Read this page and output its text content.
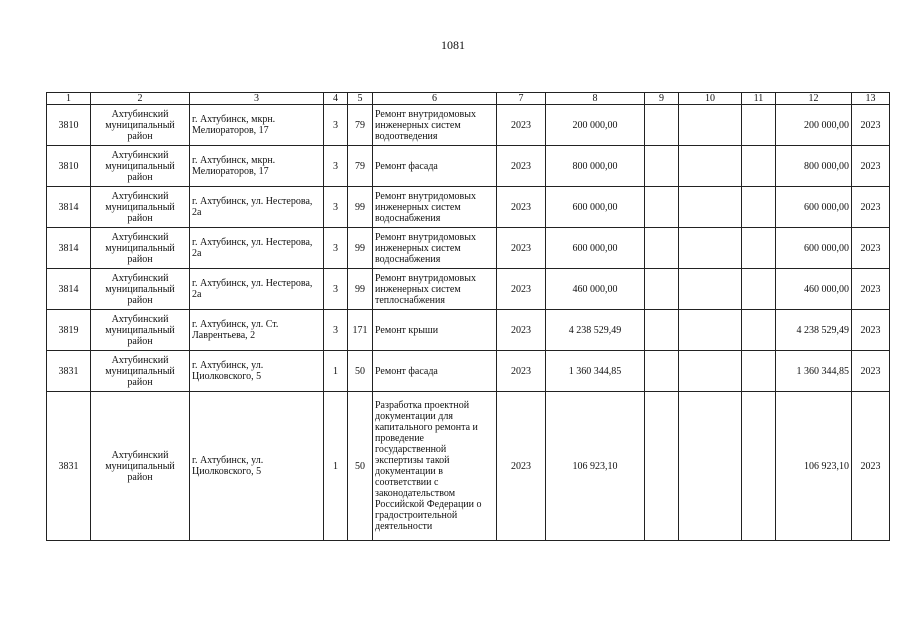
1081
1	2	3	4	5	6	7	8	9	10	11	12	13
3810	Ахтубинский муниципальный район	г. Ахтубинск, мкрн. Мелиораторов, 17	3	79	Ремонт внутридомовых инженерных систем водоотведения	2023	200 000,00				200 000,00	2023
3810	Ахтубинский муниципальный район	г. Ахтубинск, мкрн. Мелиораторов, 17	3	79	Ремонт фасада	2023	800 000,00				800 000,00	2023
3814	Ахтубинский муниципальный район	г. Ахтубинск, ул. Нестерова, 2а	3	99	Ремонт внутридомовых инженерных систем водоснабжения	2023	600 000,00				600 000,00	2023
3814	Ахтубинский муниципальный район	г. Ахтубинск, ул. Нестерова, 2а	3	99	Ремонт внутридомовых инженерных систем водоснабжения	2023	600 000,00				600 000,00	2023
3814	Ахтубинский муниципальный район	г. Ахтубинск, ул. Нестерова, 2а	3	99	Ремонт внутридомовых инженерных систем теплоснабжения	2023	460 000,00				460 000,00	2023
3819	Ахтубинский муниципальный район	г. Ахтубинск, ул. Ст. Лаврентьева, 2	3	171	Ремонт крыши	2023	4 238 529,49				4 238 529,49	2023
3831	Ахтубинский муниципальный район	г. Ахтубинск, ул. Циолковского, 5	1	50	Ремонт фасада	2023	1 360 344,85				1 360 344,85	2023
3831	Ахтубинский муниципальный район	г. Ахтубинск, ул. Циолковского, 5	1	50	Разработка проектной документации для капитального ремонта и проведение государственной экспертизы такой документации в соответствии с законодательством Российской Федерации о градостроительной деятельности	2023	106 923,10				106 923,10	2023
